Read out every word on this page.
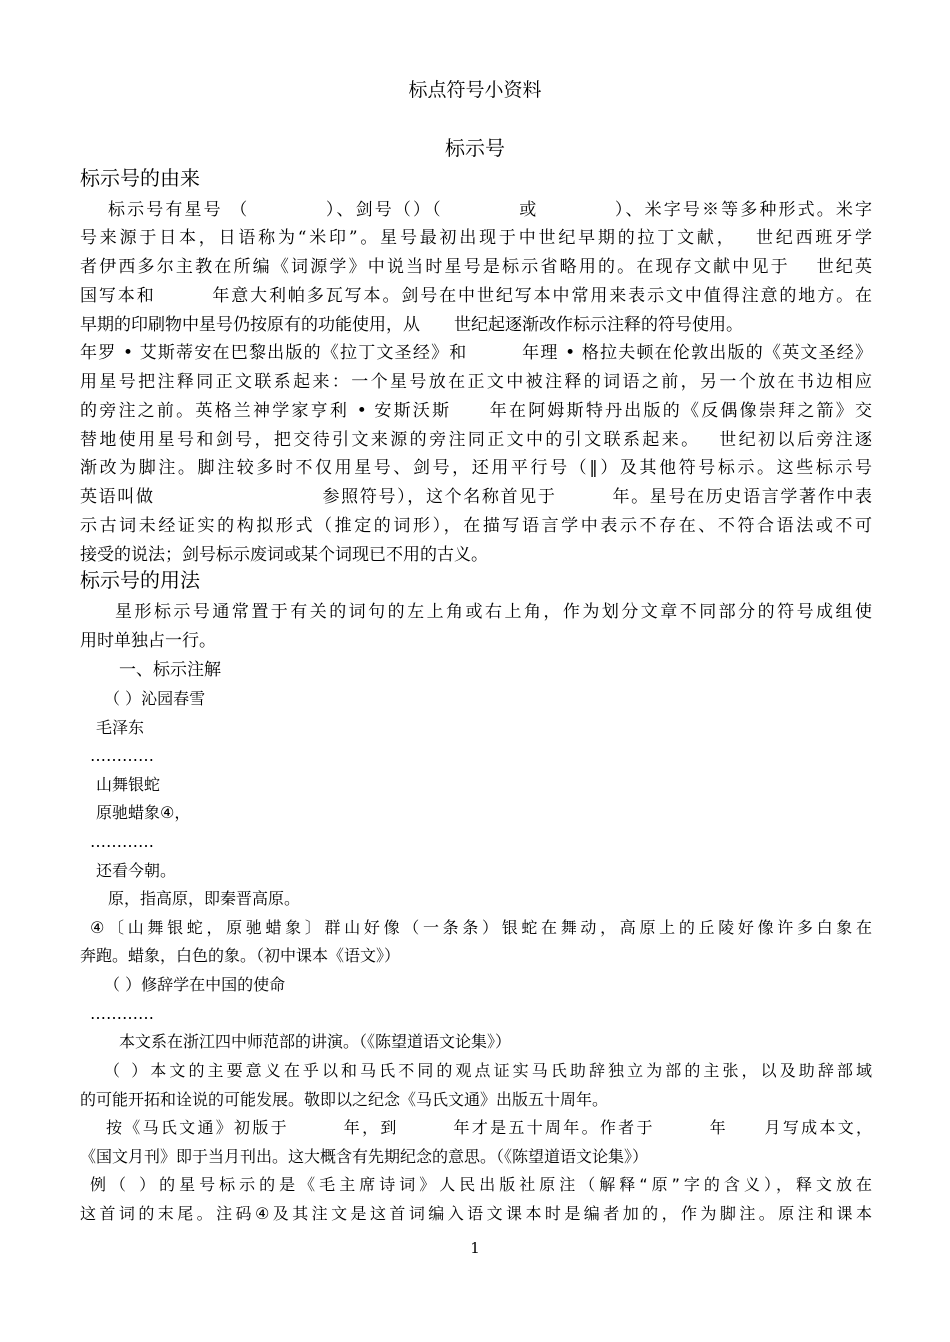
标点符号小资料
标示号
标示号的由来
标示号有星号 （　　　　）、剑号（）（　　　　或　　　　）、米字号※等多种形式。米字
号来源于日本，日语称为“米印”。星号最初出现于中世纪早期的拉丁文献，　 世纪西班牙学
者伊西多尔主教在所编《词源学》中说当时星号是标示省略用的。在现存文献中见于　 世纪英
国写本和　　　年意大利帕多瓦写本。剑号在中世纪写本中常用来表示文中值得注意的地方。在
早期的印刷物中星号仍按原有的功能使用，从　　世纪起逐渐改作标示注释的符号使用。
年罗 • 艾斯蒂安在巴黎出版的《拉丁文圣经》和　　　年理 • 格拉夫顿在伦敦出版的《英文圣经》
用星号把注释同正文联系起来：一个星号放在正文中被注释的词语之前，另一个放在书边相应
的旁注之前。英格兰神学家亨利 • 安斯沃斯　　年在阿姆斯特丹出版的《反偶像崇拜之箭》交
替地使用星号和剑号，把交待引文来源的旁注同正文中的引文联系起来。　 世纪初以后旁注逐
渐改为脚注。脚注较多时不仅用星号、剑号，还用平行号（‖）及其他符号标示。这些标示号
英语叫做　　　　　　　　　参照符号），这个名称首见于　　　年。星号在历史语言学著作中表
示古词未经证实的构拟形式（推定的词形），在描写语言学中表示不存在、不符合语法或不可
接受的说法；剑号标示废词或某个词现已不用的古义。
标示号的用法
星形标示号通常置于有关的词句的左上角或右上角，作为划分文章不同部分的符号成组使
用时单独占一行。
一、标示注解
（ ）沁园春雪
毛泽东
…………
山舞银蛇
原驰蜡象④，
…………
还看今朝。
原，指高原，即秦晋高原。
④〔山舞银蛇，原驰蜡象〕群山好像（一条条）银蛇在舞动，高原上的丘陵好像许多白象在
奔跑。蜡象，白色的象。（初中课本《语文》）
（ ）修辞学在中国的使命
…………
本文系在浙江四中师范部的讲演。（《陈望道语文论集》）
（ ）本文的主要意义在乎以和马氏不同的观点证实马氏助辞独立为部的主张，以及助辞部域
的可能开拓和诠说的可能发展。敬即以之纪念《马氏文通》出版五十周年。
按《马氏文通》初版于　　　年，到　　　年才是五十周年。作者于　　　年　　月写成本文，
《国文月刊》即于当月刊出。这大概含有先期纪念的意思。（《陈望道语文论集》）
例（ ）的星号标示的是《毛主席诗词》人民出版社原注（解释“原”字的含义），释文放在
这首词的末尾。注码④及其注文是这首词编入语文课本时是编者加的，作为脚注。原注和课本
1
